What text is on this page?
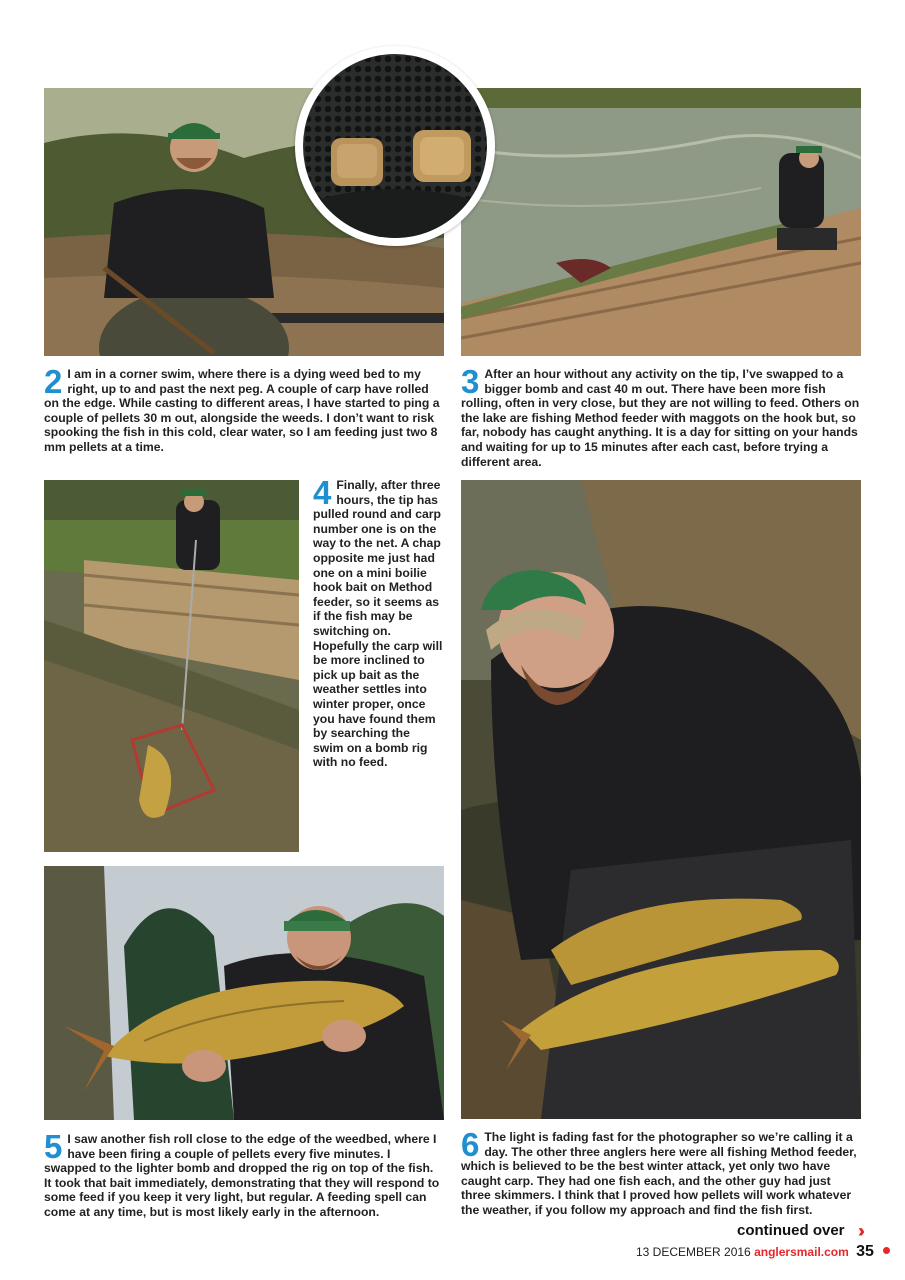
2 I am in a corner swim, where there is a dying weed bed to my right, up to and past the next peg. A couple of carp have rolled on the edge. While casting to different areas, I have started to ping a couple of pellets 30 m out, alongside the weeds. I don’t want to risk spooking the fish in this cold, clear water, so I am feeding just two 8 mm pellets at a time.

3 After an hour without any activity on the tip, I’ve swapped to a bigger bomb and cast 40 m out. There have been more fish rolling, often in very close, but they are not willing to feed. Others on the lake are fishing Method feeder with maggots on the hook but, so far, nobody has caught anything. It is a day for sitting on your hands and waiting for up to 15 minutes after each cast, before trying a different area.

4 Finally, after three hours, the tip has pulled round and carp number one is on the way to the net. A chap opposite me just had one on a mini boilie hook bait on Method feeder, so it seems as if the fish may be switching on. Hopefully the carp will be more inclined to pick up bait as the weather settles into winter proper, once you have found them by searching the swim on a bomb rig with no feed.

5 I saw another fish roll close to the edge of the weedbed, where I have been firing a couple of pellets every five minutes. I swapped to the lighter bomb and dropped the rig on top of the fish. It took that bait immediately, demonstrating that they will respond to some feed if you keep it very light, but regular. A feeding spell can come at any time, but is most likely early in the afternoon.

6 The light is fading fast for the photographer so we’re calling it a day. The other three anglers here were all fishing Method feeder, which is believed to be the best winter attack, yet only two have caught carp. They had one fish each, and the other guy had just three skimmers. I think that I proved how pellets will work whatever the weather, if you follow my approach and find the fish first.

continued over ››
13 DECEMBER 2016 anglersmail.com 35
